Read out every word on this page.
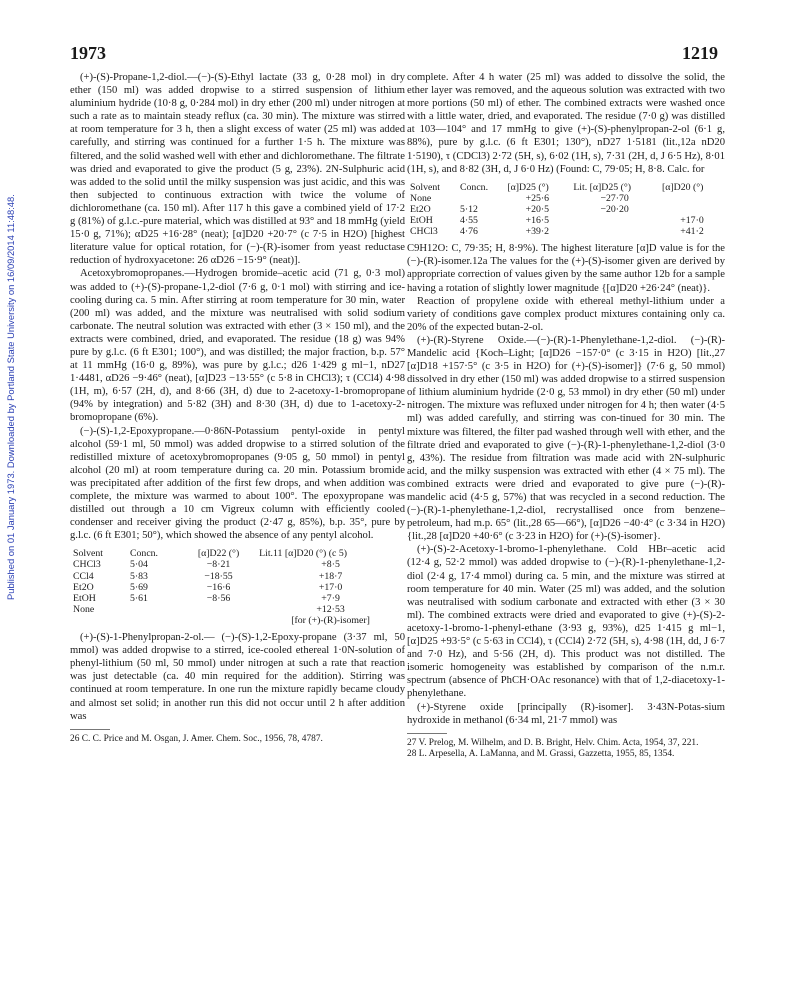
1973	1219
Published on 01 January 1973. Downloaded by Portland State University on 16/09/2014 11:48:48.

(+)-(S)-Propane-1,2-diol.—(−)-(S)-Ethyl lactate (33 g, 0·28 mol) in dry ether (150 ml) was added dropwise to a stirred suspension of lithium aluminium hydride (10·8 g, 0·284 mol) in dry ether (200 ml) under nitrogen at such a rate as to maintain steady reflux (ca. 30 min). The mixture was stirred at room temperature for 3 h, then a slight excess of water (25 ml) was added carefully, and stirring was continued for a further 1·5 h. The mixture was filtered, and the solid washed well with ether and dichloromethane. The filtrate was dried and evaporated to give the product (5 g, 23%). 2N-Sulphuric acid was added to the solid until the milky suspension was just acidic, and this was then subjected to continuous extraction with twice the volume of dichloromethane (ca. 150 ml). After 117 h this gave a combined yield of 17·2 g (81%) of g.l.c.-pure material, which was distilled at 93° and 18 mmHg (yield 15·0 g, 71%); αD25 +16·28° (neat); [α]D20 +20·7° (c 7·5 in H2O) [highest literature value for optical rotation, for (−)-(R)-isomer from yeast reductase reduction of hydroxyacetone: 26 αD26 −15·9° (neat)].

Acetoxybromopropanes.—Hydrogen bromide–acetic acid (71 g, 0·3 mol) was added to (+)-(S)-propane-1,2-diol (7·6 g, 0·1 mol) with stirring and ice-cooling during ca. 5 min. After stirring at room temperature for 30 min, water (200 ml) was added, and the mixture was neutralised with solid sodium carbonate. The neutral solution was extracted with ether (3 × 150 ml), and the extracts were combined, dried, and evaporated. The residue (18 g) was 94% pure by g.l.c. (6 ft E301; 100°), and was distilled; the major fraction, b.p. 57° at 11 mmHg (16·0 g, 89%), was pure by g.l.c.; d26 1·429 g ml−1, nD27 1·4481, αD26 −9·46° (neat), [α]D23 −13·55° (c 5·8 in CHCl3); τ (CCl4) 4·98 (1H, m), 6·57 (2H, d), and 8·66 (3H, d) due to 2-acetoxy-1-bromopropane (94% by integration) and 5·82 (3H) and 8·30 (3H, d) due to 1-acetoxy-2-bromopropane (6%).

(−)-(S)-1,2-Epoxypropane.—0·86N-Potassium pentyl-oxide in pentyl alcohol (59·1 ml, 50 mmol) was added dropwise to a stirred solution of the redistilled mixture of acetoxybromopropanes (9·05 g, 50 mmol) in pentyl alcohol (20 ml) at room temperature during ca. 20 min. Potassium bromide was precipitated after addition of the first few drops, and when addition was complete, the mixture was warmed to about 100°. The epoxypropane was distilled out through a 10 cm Vigreux column with efficiently cooled condenser and receiver giving the product (2·47 g, 85%), b.p. 35°, pure by g.l.c. (6 ft E301; 50°), which showed the absence of any pentyl alcohol.

Solvent	Concn.	[α]D22 (°)	Lit.11 [α]D20 (°) (c 5)
CHCl3	5·04	−8·21	+8·5
CCl4	5·83	−18·55	+18·7
Et2O	5·69	−16·6	+17·0
EtOH	5·61	−8·56	+7·9
None			+12·53
			[for (+)-(R)-isomer]

(+)-(S)-1-Phenylpropan-2-ol.— (−)-(S)-1,2-Epoxy-propane (3·37 ml, 50 mmol) was added dropwise to a stirred, ice-cooled ethereal 1·0N-solution of phenyl-lithium (50 ml, 50 mmol) under nitrogen at such a rate that reaction was just detectable (ca. 40 min required for the addition). Stirring was continued at room temperature. In one run the mixture rapidly became cloudy and almost set solid; in another run this did not occur until 2 h after addition was

26 C. C. Price and M. Osgan, J. Amer. Chem. Soc., 1956, 78, 4787.

complete. After 4 h water (25 ml) was added to dissolve the solid, the ether layer was removed, and the aqueous solution was extracted with two more portions (50 ml) of ether. The combined extracts were washed once with a little water, dried, and evaporated. The residue (7·0 g) was distilled at 103—104° and 17 mmHg to give (+)-(S)-phenylpropan-2-ol (6·1 g, 88%), pure by g.l.c. (6 ft E301; 130°), nD27 1·5181 (lit.,12a nD20 1·5190), τ (CDCl3) 2·72 (5H, s), 6·02 (1H, s), 7·31 (2H, d, J 6·5 Hz), 8·01 (1H, s), and 8·82 (3H, d, J 6·0 Hz) (Found: C, 79·05; H, 8·8. Calc. for

Solvent	Concn.	[α]D25 (°)	Lit. [α]D25 (°)	[α]D20 (°)
None		+25·6	−27·70	
Et2O	5·12	+20·5	−20·20	
EtOH	4·55	+16·5		+17·0
CHCl3	4·76	+39·2		+41·2

C9H12O: C, 79·35; H, 8·9%). The highest literature [α]D value is for the (−)-(R)-isomer.12a The values for the (+)-(S)-isomer given are derived by appropriate correction of values given by the same author 12b for a sample having a rotation of slightly lower magnitude {[α]D20 +26·24° (neat)}.

Reaction of propylene oxide with ethereal methyl-lithium under a variety of conditions gave complex product mixtures containing only ca. 20% of the expected butan-2-ol.

(+)-(R)-Styrene Oxide.—(−)-(R)-1-Phenylethane-1,2-diol. (−)-(R)-Mandelic acid {Koch–Light; [α]D26 −157·0° (c 3·15 in H2O) [lit.,27 [α]D18 +157·5° (c 3·5 in H2O) for (+)-(S)-isomer]} (7·6 g, 50 mmol) dissolved in dry ether (150 ml) was added dropwise to a stirred suspension of lithium aluminium hydride (2·0 g, 53 mmol) in dry ether (50 ml) under nitrogen. The mixture was refluxed under nitrogen for 4 h; then water (4·5 ml) was added carefully, and stirring was con-tinued for 30 min. The mixture was filtered, the filter pad washed through well with ether, and the filtrate dried and evaporated to give (−)-(R)-1-phenylethane-1,2-diol (3·0 g, 43%). The residue from filtration was made acid with 2N-sulphuric acid, and the milky suspension was extracted with ether (4 × 75 ml). The combined extracts were dried and evaporated to give pure (−)-(R)-mandelic acid (4·5 g, 57%) that was recycled in a second reduction. The (−)-(R)-1-phenylethane-1,2-diol, recrystallised once from benzene–petroleum, had m.p. 65° (lit.,28 65—66°), [α]D26 −40·4° (c 3·34 in H2O) {lit.,28 [α]D20 +40·6° (c 3·23 in H2O) for (+)-(S)-isomer}.

(+)-(S)-2-Acetoxy-1-bromo-1-phenylethane. Cold HBr–acetic acid (12·4 g, 52·2 mmol) was added dropwise to (−)-(R)-1-phenylethane-1,2-diol (2·4 g, 17·4 mmol) during ca. 5 min, and the mixture was stirred at room temperature for 40 min. Water (25 ml) was added, and the solution was neutralised with sodium carbonate and extracted with ether (3 × 30 ml). The combined extracts were dried and evaporated to give (+)-(S)-2-acetoxy-1-bromo-1-phenyl-ethane (3·93 g, 93%), d25 1·415 g ml−1, [α]D25 +93·5° (c 5·63 in CCl4), τ (CCl4) 2·72 (5H, s), 4·98 (1H, dd, J 6·7 and 7·0 Hz), and 5·56 (2H, d). This product was not distilled. The isomeric homogeneity was established by comparison of the n.m.r. spectrum (absence of PhCH·OAc resonance) with that of 1,2-diacetoxy-1-phenylethane.

(+)-Styrene oxide [principally (R)-isomer]. 3·43N-Potas-sium hydroxide in methanol (6·34 ml, 21·7 mmol) was

27 V. Prelog, M. Wilhelm, and D. B. Bright, Helv. Chim. Acta, 1954, 37, 221.
28 L. Arpesella, A. LaManna, and M. Grassi, Gazzetta, 1955, 85, 1354.
